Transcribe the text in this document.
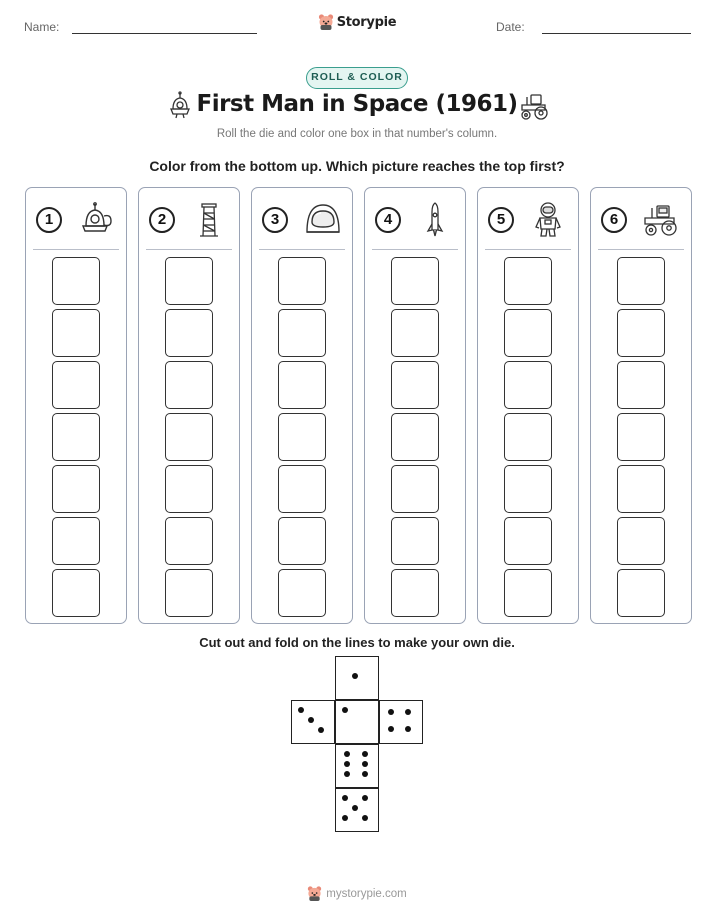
Name:	Storypie	Date:
ROLL & COLOR
First Man in Space (1961)
Roll the die and color one box in that number's column.
Color from the bottom up. Which picture reaches the top first?
1	2	3	4	5	6
Cut out and fold on the lines to make your own die.
mystorypie.com
